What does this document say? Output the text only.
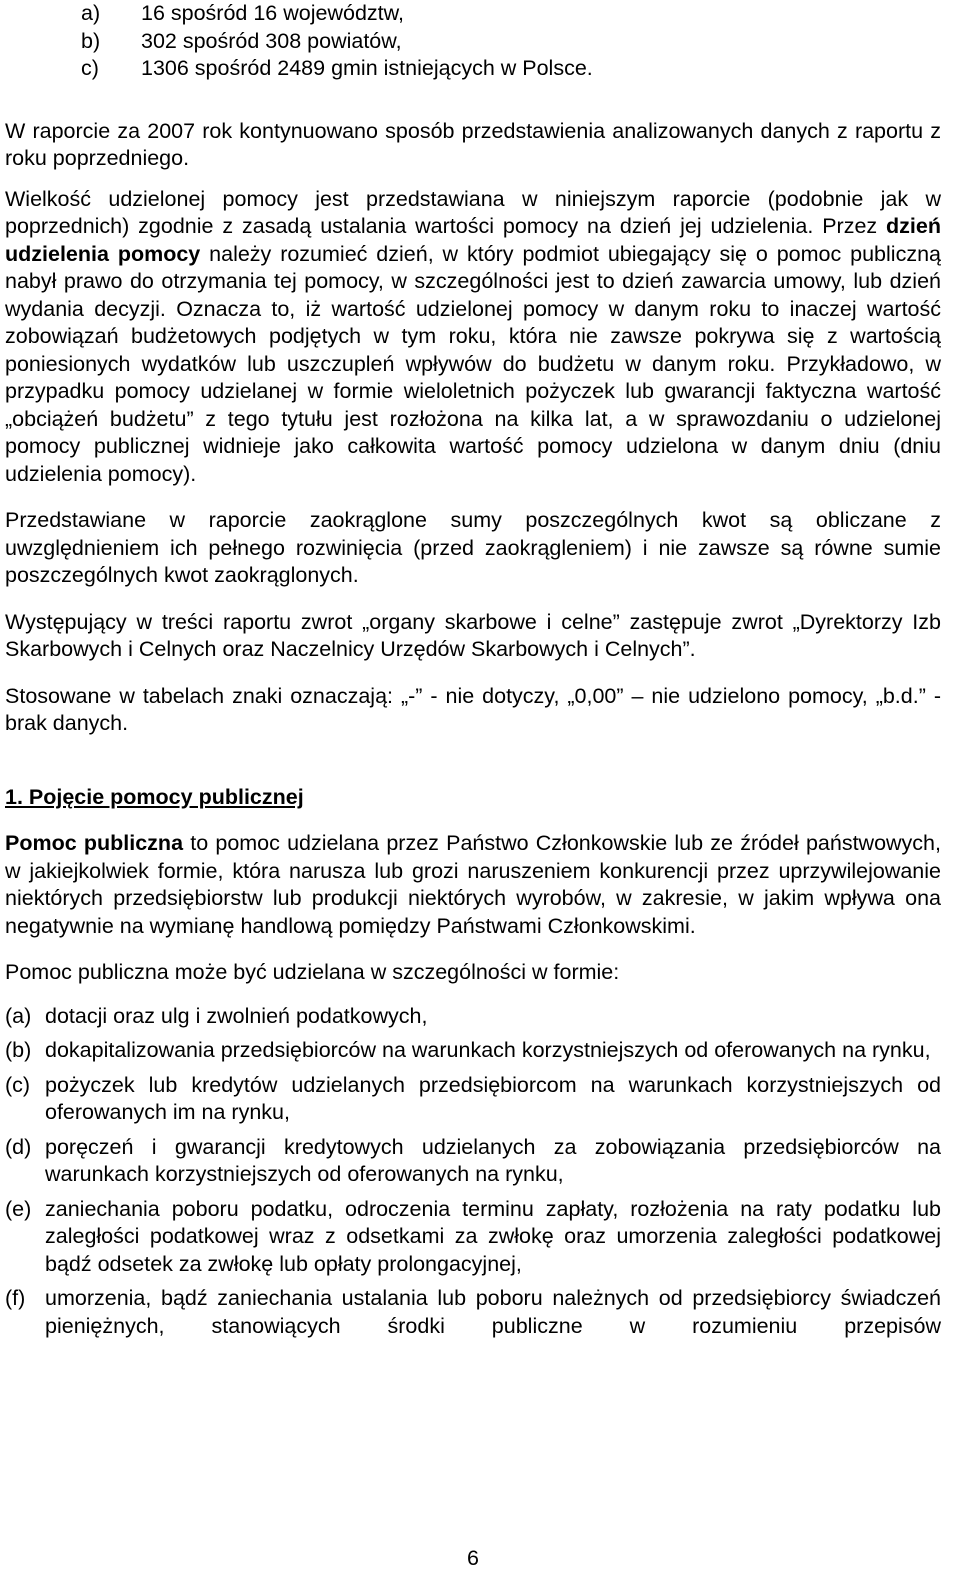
a)	16 spośród 16 województw,
b)	302 spośród 308 powiatów,
c)	1306 spośród 2489 gmin istniejących w Polsce.

W raporcie za 2007 rok kontynuowano sposób przedstawienia analizowanych danych z raportu z roku poprzedniego.

Wielkość udzielonej pomocy jest przedstawiana w niniejszym raporcie (podobnie jak w poprzednich) zgodnie z zasadą ustalania wartości pomocy na dzień jej udzielenia. Przez dzień udzielenia pomocy należy rozumieć dzień, w który podmiot ubiegający się o pomoc publiczną nabył prawo do otrzymania tej pomocy, w szczególności jest to dzień zawarcia umowy, lub dzień wydania decyzji. Oznacza to, iż wartość udzielonej pomocy w danym roku to inaczej wartość zobowiązań budżetowych podjętych w tym roku, która nie zawsze pokrywa się z wartością poniesionych wydatków lub uszczupleń wpływów do budżetu w danym roku. Przykładowo, w przypadku pomocy udzielanej w formie wieloletnich pożyczek lub gwarancji faktyczna wartość „obciążeń budżetu” z tego tytułu jest rozłożona na kilka lat, a w sprawozdaniu o udzielonej pomocy publicznej widnieje jako całkowita wartość pomocy udzielona w danym dniu (dniu udzielenia pomocy).

Przedstawiane w raporcie zaokrąglone sumy poszczególnych kwot są obliczane z uwzględnieniem ich pełnego rozwinięcia (przed zaokrągleniem) i nie zawsze są równe sumie poszczególnych kwot zaokrąglonych.

Występujący w treści raportu zwrot „organy skarbowe i celne” zastępuje zwrot „Dyrektorzy Izb Skarbowych i Celnych oraz Naczelnicy Urzędów Skarbowych i Celnych”.

Stosowane w tabelach znaki oznaczają: „-” - nie dotyczy, „0,00” – nie udzielono pomocy, „b.d.” - brak danych.

1. Pojęcie pomocy publicznej

Pomoc publiczna to pomoc udzielana przez Państwo Członkowskie lub ze źródeł państwowych, w jakiejkolwiek formie, która narusza lub grozi naruszeniem konkurencji przez uprzywilejowanie niektórych przedsiębiorstw lub produkcji niektórych wyrobów, w zakresie, w jakim wpływa ona negatywnie na wymianę handlową pomiędzy Państwami Członkowskimi.

Pomoc publiczna może być udzielana w szczególności w formie:

(a) dotacji oraz ulg i zwolnień podatkowych,
(b) dokapitalizowania przedsiębiorców na warunkach korzystniejszych od oferowanych na rynku,
(c) pożyczek lub kredytów udzielanych przedsiębiorcom na warunkach korzystniejszych od oferowanych im na rynku,
(d) poręczeń i gwarancji kredytowych udzielanych za zobowiązania przedsiębiorców na warunkach korzystniejszych od oferowanych na rynku,
(e) zaniechania poboru podatku, odroczenia terminu zapłaty, rozłożenia na raty podatku lub zaległości podatkowej wraz z odsetkami za zwłokę oraz umorzenia zaległości podatkowej bądź odsetek za zwłokę lub opłaty prolongacyjnej,
(f) umorzenia, bądź zaniechania ustalania lub poboru należnych od przedsiębiorcy świadczeń pieniężnych, stanowiących środki publiczne w rozumieniu przepisów
6
